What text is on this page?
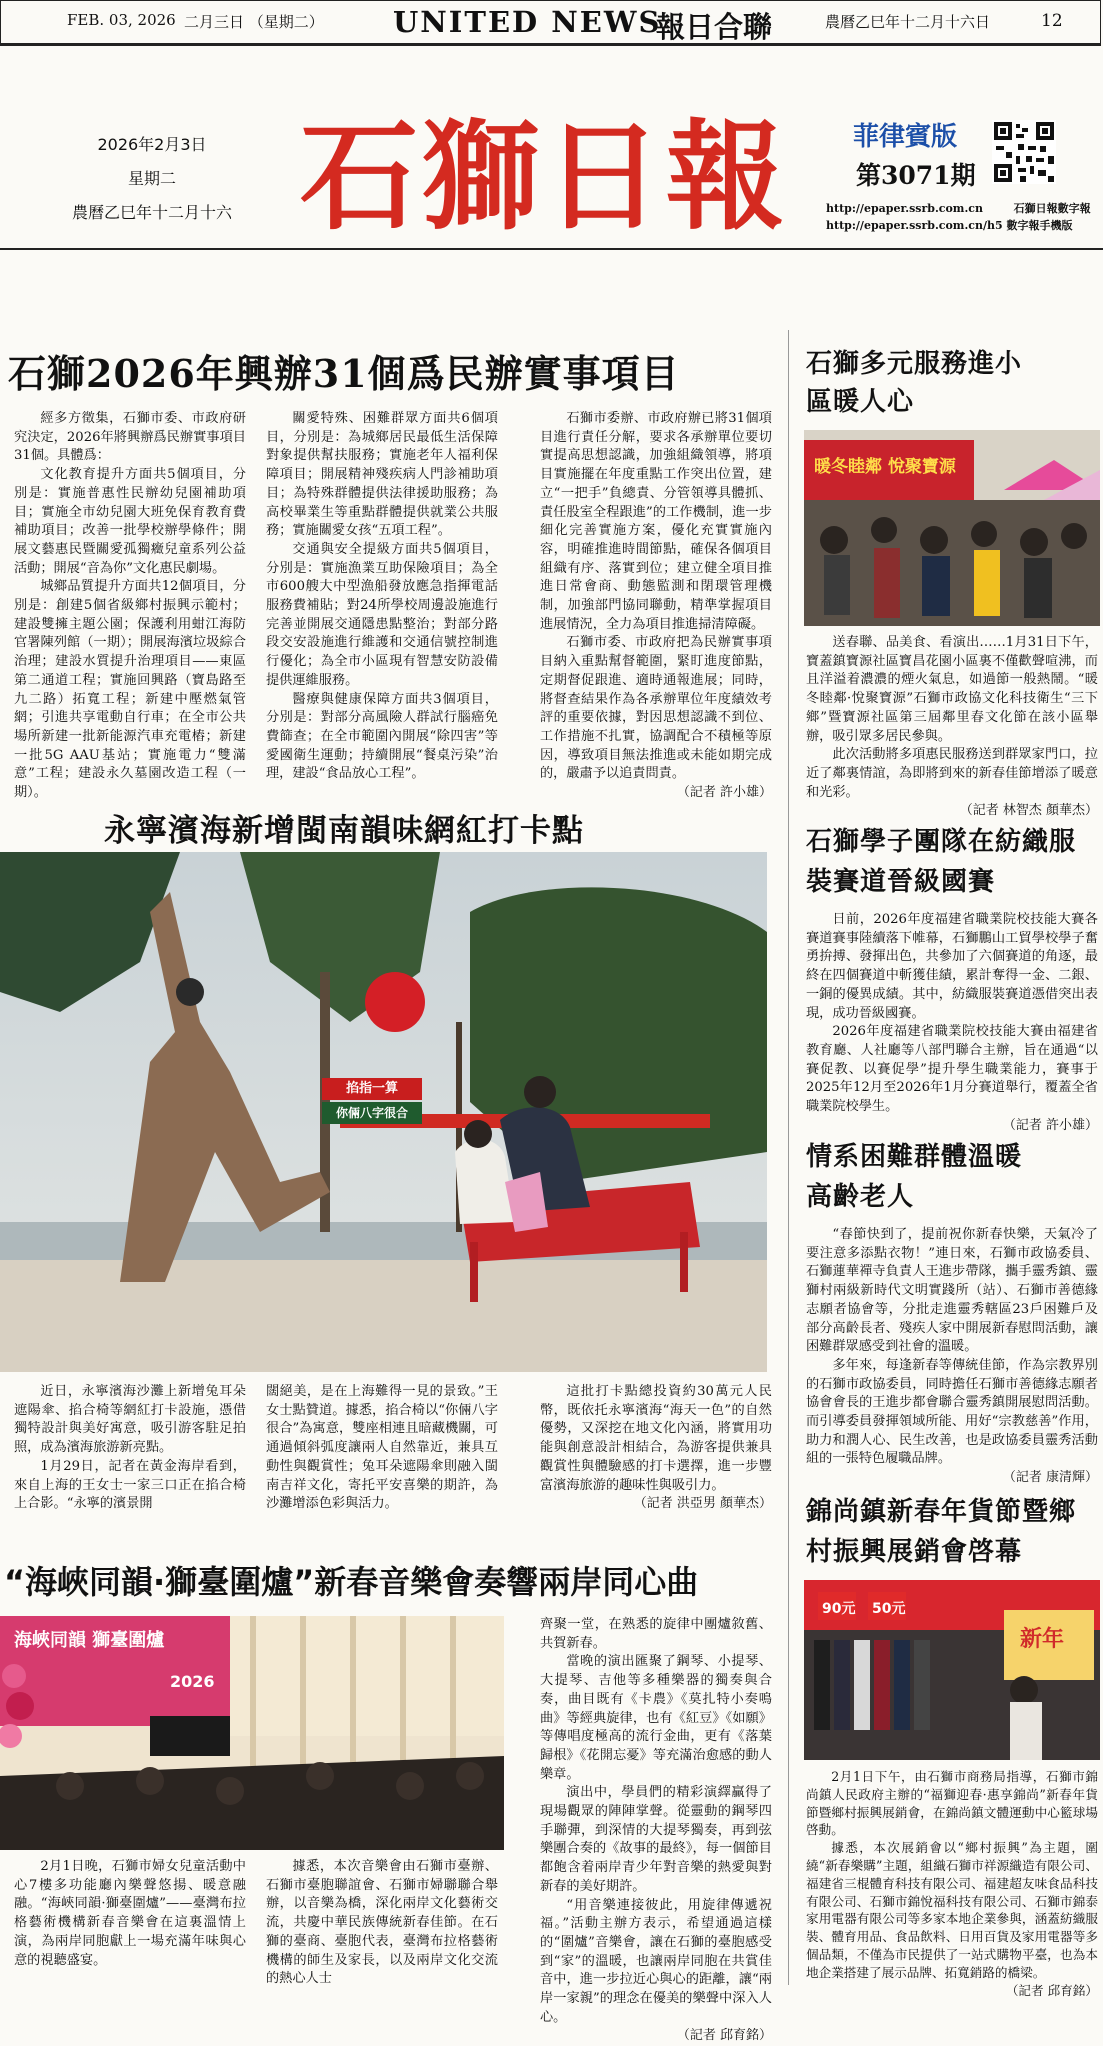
FEB. 03, 2026 二月三日 （星期二） UNITED NEWS
報日合聯	農曆乙巳年十二月十六日	12
2026年2月3日
星期二
農曆乙巳年十二月十六 石獅日報 菲律賓版
第3071期
http://epaper.ssrb.com.cn	石獅日報數字報
http://epaper.ssrb.com.cn/h5 數字報手機版
石獅2026年興辦31個爲民辦實事項目

經多方徵集，石獅市委、市政府研究決定，2026年將興辦爲民辦實事項目31個。具體爲：

文化教育提升方面共5個項目，分別是：實施普惠性民辦幼兒園補助項目；實施全市幼兒園大班免保育教育費補助項目；改善一批學校辦學條件；開展文藝惠民暨關愛孤獨癥兒童系列公益活動；開展“音為你”文化惠民劇場。

城鄉品質提升方面共12個項目，分別是：創建5個省級鄉村振興示範村；建設雙擁主題公園；保護利用蚶江海防官署陳列館（一期）；開展海濱垃圾綜合治理；建設水質提升治理項目——東區第二通道工程；實施回興路（寶島路至九二路）拓寬工程；新建中壓燃氣管網；引進共享電動自行車；在全市公共場所新建一批新能源汽車充電樁；新建一批5G AAU基站；實施電力“雙滿意”工程；建設永久墓園改造工程（一期）。

關愛特殊、困難群眾方面共6個項目，分別是：為城鄉居民最低生活保障對象提供幫扶服務；實施老年人福利保障項目；開展精神殘疾病人門診補助項目；為特殊群體提供法律援助服務；為高校畢業生等重點群體提供就業公共服務；實施關愛女孩“五項工程”。

交通與安全提級方面共5個項目，分別是：實施漁業互助保險項目；為全市600艘大中型漁船發放應急指揮電話服務費補貼；對24所學校周邊設施進行完善並開展交通隱患點整治；對部分路段交安設施進行維護和交通信號控制進行優化；為全市小區現有智慧安防設備提供運維服務。

醫療與健康保障方面共3個項目，分別是：對部分高風險人群試行腦癌免費篩查；在全市範圍內開展“除四害”等愛國衛生運動；持續開展“餐桌污染”治理，建設“食品放心工程”。

石獅市委辦、市政府辦已將31個項目進行責任分解，要求各承辦單位要切實提高思想認識，加強組織領導，將項目實施擺在年度重點工作突出位置，建立“一把手”負總責、分管領導具體抓、責任股室全程跟進”的工作機制，進一步細化完善實施方案，優化充實實施內容，明確推進時間節點，確保各個項目組織有序、落實到位；建立健全項目推進日常會商、動態監測和閉環管理機制，加強部門協同聯動，精準掌握項目進展情況，全力為項目推進掃清障礙。

石獅市委、市政府把為民辦實事項目納入重點幫督範圍，緊盯進度節點，定期督促跟進、適時通報進展；同時，將督查結果作為各承辦單位年度績效考評的重要依據，對因思想認識不到位、工作措施不扎實，協調配合不積極等原因，導致項目無法推進或未能如期完成的，嚴肅予以追責問責。

（記者 許小雄）

永寧濱海新增閩南韻味網紅打卡點
掐指一算
你倆八字很合

近日，永寧濱海沙灘上新增兔耳朵遮陽傘、掐合椅等網紅打卡設施，憑借獨特設計與美好寓意，吸引游客駐足拍照，成為濱海旅游新亮點。

1月29日，記者在黃金海岸看到，來自上海的王女士一家三口正在掐合椅上合影。“永寧的濱景開

闊絕美，是在上海難得一見的景致。”王女士點贊道。據悉，掐合椅以“你倆八字很合”為寓意，雙座相連且暗藏機關，可通過傾斜弧度讓兩人自然靠近，兼具互動性與觀賞性；兔耳朵遮陽傘則融入閩南吉祥文化，寄托平安喜樂的期許，為沙灘增添色彩與活力。

這批打卡點總投資約30萬元人民幣，既依托永寧濱海“海天一色”的自然優勢，又深挖在地文化內涵，將實用功能與創意設計相結合，為游客提供兼具觀賞性與體驗感的打卡選擇，進一步豐富濱海旅游的趣味性與吸引力。

（記者 洪亞男 顏華杰）

“海峽同韻·獅臺圍爐”新春音樂會奏響兩岸同心曲
海峽同韻 獅臺圍爐
2026

2月1日晚，石獅市婦女兒童活動中心7樓多功能廳內樂聲悠揚、暖意融融。“海峽同韻·獅臺圍爐”——臺灣布拉格藝術機構新春音樂會在這裏溫情上演，為兩岸同胞獻上一場充滿年味與心意的視聽盛宴。

據悉，本次音樂會由石獅市臺辦、石獅市臺胞聯誼會、石獅市婦聯聯合舉辦，以音樂為橋，深化兩岸文化藝術交流，共慶中華民族傳統新春佳節。在石獅的臺商、臺胞代表，臺灣布拉格藝術機構的師生及家長，以及兩岸文化交流的熱心人士

齊聚一堂，在熟悉的旋律中團爐敘舊、共賀新春。

當晚的演出匯聚了鋼琴、小提琴、大提琴、吉他等多種樂器的獨奏與合奏，曲目既有《卡農》《莫扎特小奏鳴曲》等經典旋律，也有《紅豆》《如願》等傳唱度極高的流行金曲，更有《落葉歸根》《花開忘憂》等充滿治愈感的動人樂章。

演出中，學員們的精彩演繹贏得了現場觀眾的陣陣掌聲。從靈動的鋼琴四手聯彈，到深情的大提琴獨奏，再到弦樂團合奏的《故事的最終》，每一個節目都飽含着兩岸青少年對音樂的熱愛與對新春的美好期許。

“用音樂連接彼此，用旋律傳遞祝福。”活動主辦方表示，希望通過這樣的“圍爐”音樂會，讓在石獅的臺胞感受到“家”的溫暖，也讓兩岸同胞在共賞佳音中，進一步拉近心與心的距離，讓“兩岸一家親”的理念在優美的樂聲中深入人心。

（記者 邱育銘）

石獅多元服務進小區暖人心
暖冬睦鄰 悅聚寶源

送春聯、品美食、看演出……1月31日下午，寶蓋鎮寶源社區寶昌花園小區裏不僅歡聲喧沸，而且洋溢着濃濃的煙火氣息，如過節一般熱鬧。“暖冬睦鄰·悅聚寶源”石獅市政協文化科技衛生“三下鄉”暨寶源社區第三屆鄰里春文化節在該小區舉辦，吸引眾多居民參與。

此次活動將多項惠民服務送到群眾家門口，拉近了鄰裏情誼，為即將到來的新春佳節增添了暖意和光彩。

（記者 林智杰 顏華杰）

石獅學子團隊在紡織服裝賽道晉級國賽

日前，2026年度福建省職業院校技能大賽各賽道賽事陸續落下帷幕，石獅鵬山工貿學校學子奮勇拚搏、發揮出色，共參加了六個賽道的角逐，最終在四個賽道中斬獲佳績，累計奪得一金、二銀、一銅的優異成績。其中，紡織服裝賽道憑借突出表現，成功晉級國賽。

2026年度福建省職業院校技能大賽由福建省教育廳、人社廳等八部門聯合主辦，旨在通過“以賽促教、以賽促學”提升學生職業能力，賽事于2025年12月至2026年1月分賽道舉行，覆蓋全省職業院校學生。

（記者 許小雄）

情系困難群體溫暖高齡老人

“春節快到了，提前祝你新春快樂，天氣冷了要注意多添點衣物！”連日來，石獅市政協委員、石獅蓮華禪寺負責人王進步帶隊，攜手靈秀鎮、靈獅村兩級新時代文明實踐所（站）、石獅市善德緣志願者協會等，分批走進靈秀轄區23戶困難戶及部分高齡長者、殘疾人家中開展新春慰問活動，讓困難群眾感受到社會的溫暖。

多年來，每逢新春等傳統佳節，作為宗教界別的石獅市政協委員，同時擔任石獅市善德緣志願者協會會長的王進步都會聯合靈秀鎮開展慰問活動。而引導委員發揮領域所能、用好“宗教慈善”作用，助力和潤人心、民生改善，也是政協委員靈秀活動組的一張特色履職品牌。

（記者 康清輝）

錦尚鎮新春年貨節暨鄉村振興展銷會啓幕
90元 50元
新年

2月1日下午，由石獅市商務局指導，石獅市錦尚鎮人民政府主辦的“福獅迎春·惠享錦尚”新春年貨節暨鄉村振興展銷會，在錦尚鎮文體運動中心籃球場啓動。

據悉，本次展銷會以“鄉村振興”為主題，圍繞“新春樂購”主題，組織石獅市祥源織造有限公司、福建省三棍體育科技有限公司、福建超友味食品科技有限公司、石獅市錦悅福科技有限公司、石獅市錦泰家用電器有限公司等多家本地企業參與，涵蓋紡織服裝、體育用品、食品飲料、日用百貨及家用電器等多個品類，不僅為市民提供了一站式購物平臺，也為本地企業搭建了展示品牌、拓寬銷路的橋梁。

（記者 邱育銘）
